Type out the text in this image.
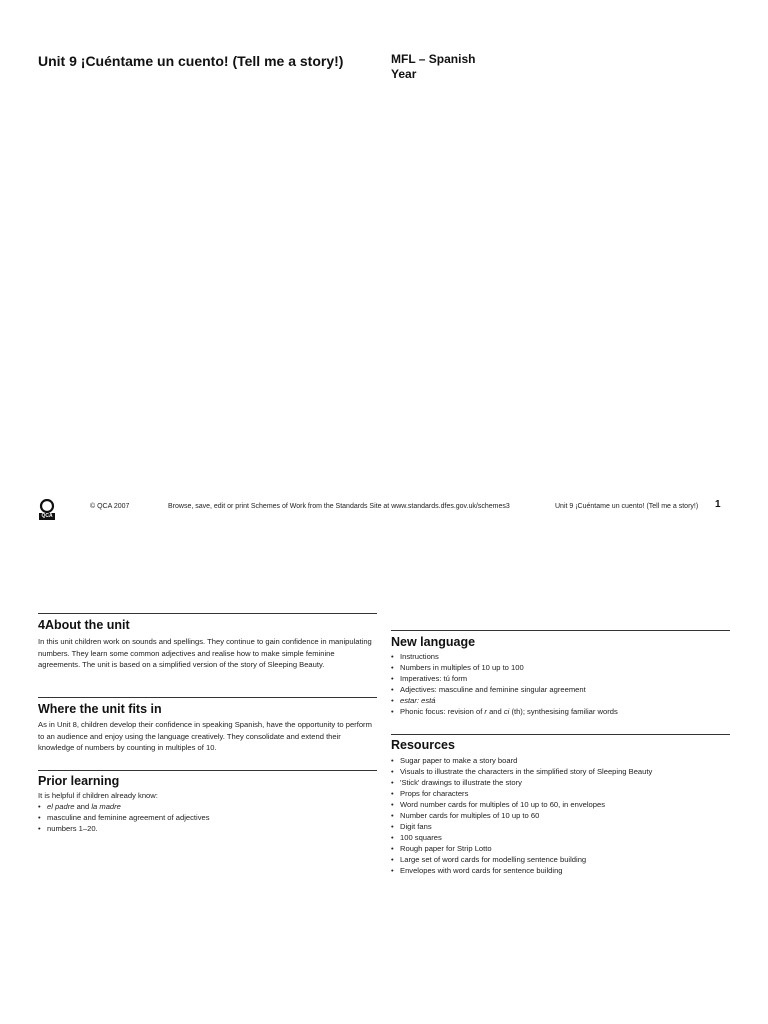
Unit 9 ¡Cuéntame un cuento! (Tell me a story!)	MFL – Spanish
Year
QCA
© QCA 2007	Browse, save, edit or print Schemes of Work from the Standards Site at www.standards.dfes.gov.uk/schemes3	Unit 9 ¡Cuéntame un cuento! (Tell me a story!) 1
4About the unit
In this unit children work on sounds and spellings. They continue to gain confidence in manipulating numbers. They learn some common adjectives and realise how to make simple feminine agreements. The unit is based on a simplified version of the story of Sleeping Beauty.
Where the unit fits in
As in Unit 8, children develop their confidence in speaking Spanish, have the opportunity to perform to an audience and enjoy using the language creatively. They consolidate and extend their knowledge of numbers by counting in multiples of 10.
Prior learning
It is helpful if children already know:
• el padre and la madre
• masculine and feminine agreement of adjectives
• numbers 1–20.
New language
• Instructions
• Numbers in multiples of 10 up to 100
• Imperatives: tú form
• Adjectives: masculine and feminine singular agreement
• estar: está
• Phonic focus: revision of r and ci (th); synthesising familiar words
Resources
• Sugar paper to make a story board
• Visuals to illustrate the characters in the simplified story of Sleeping Beauty
• 'Stick' drawings to illustrate the story
• Props for characters
• Word number cards for multiples of 10 up to 60, in envelopes
• Number cards for multiples of 10 up to 60
• Digit fans
• 100 squares
• Rough paper for Strip Lotto
• Large set of word cards for modelling sentence building
• Envelopes with word cards for sentence building
